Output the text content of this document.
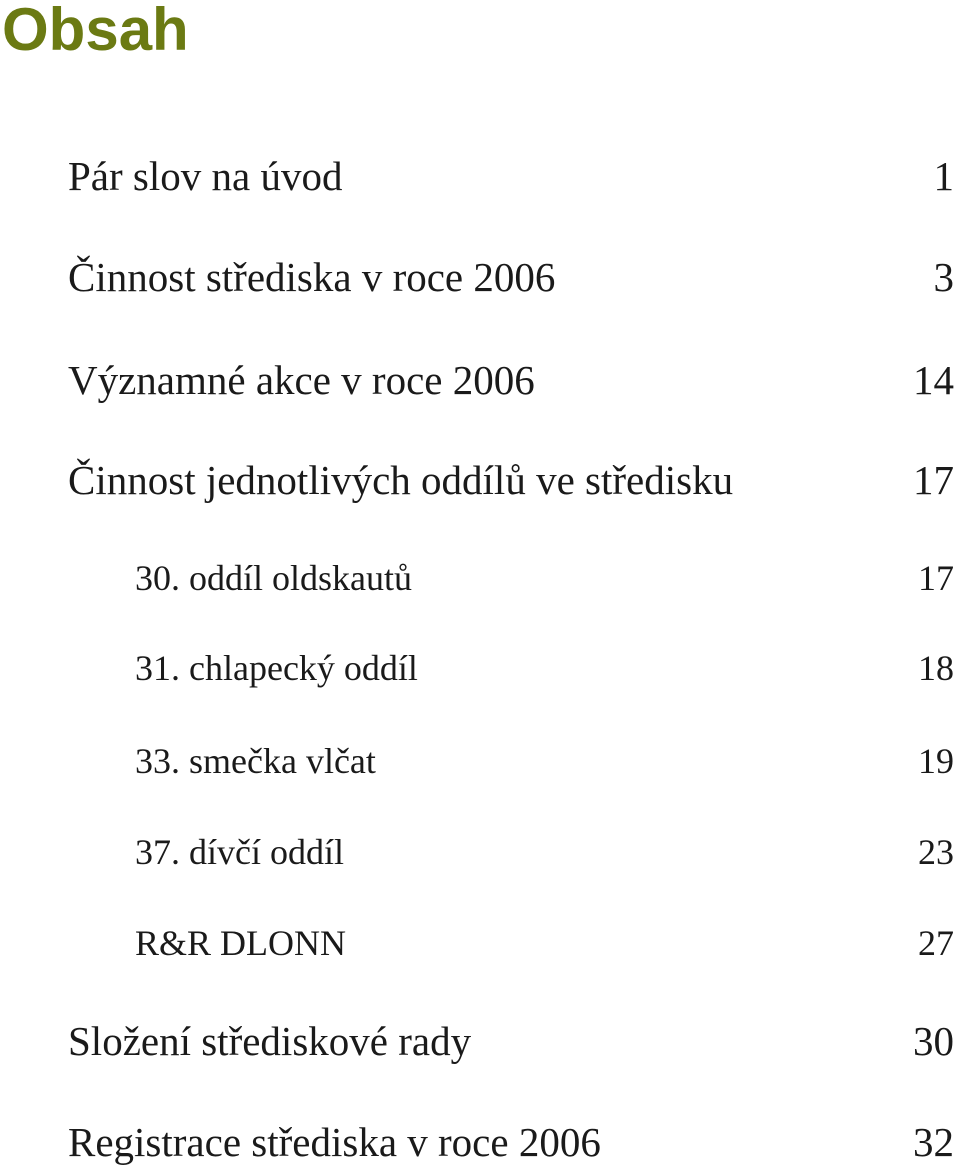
Obsah
Pár slov na úvod	1
Činnost střediska v roce 2006	3
Významné akce v roce 2006	14
Činnost jednotlivých oddílů ve středisku	17
30. oddíl oldskautů	17
31. chlapecký oddíl	18
33. smečka vlčat	19
37. dívčí oddíl	23
R&R DLONN	27
Složení střediskové rady	30
Registrace střediska v roce 2006	32
